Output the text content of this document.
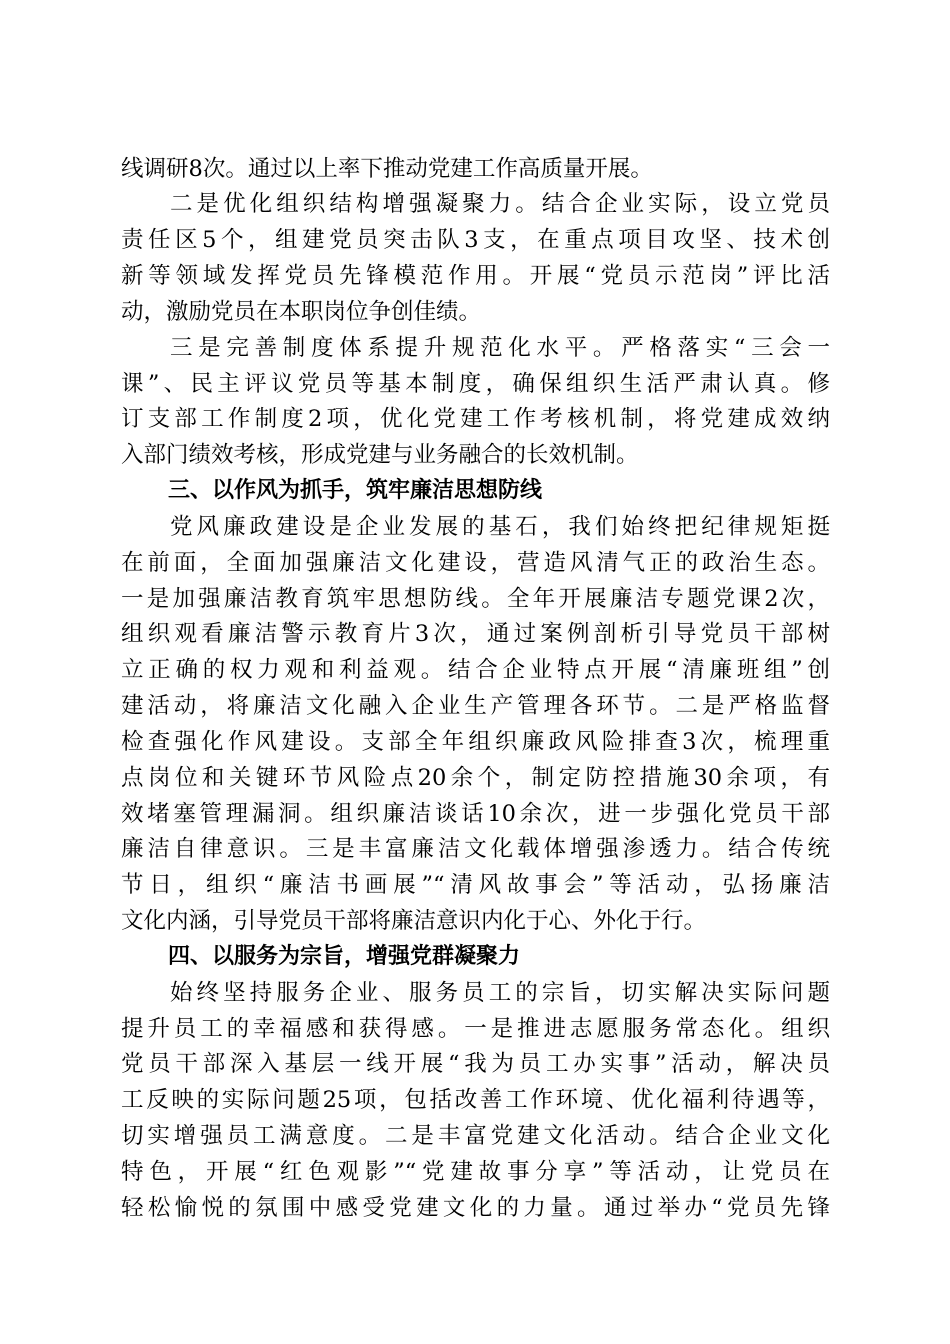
线调研8次。通过以上率下推动党建工作高质量开展。
二是优化组织结构增强凝聚力。结合企业实际，设立党员
责任区5个，组建党员突击队3支，在重点项目攻坚、技术创
新等领域发挥党员先锋模范作用。开展“党员示范岗”评比活
动，激励党员在本职岗位争创佳绩。
三是完善制度体系提升规范化水平。严格落实“三会一
课”、民主评议党员等基本制度，确保组织生活严肃认真。修
订支部工作制度2项，优化党建工作考核机制，将党建成效纳
入部门绩效考核，形成党建与业务融合的长效机制。
三、以作风为抓手，筑牢廉洁思想防线
党风廉政建设是企业发展的基石，我们始终把纪律规矩挺
在前面，全面加强廉洁文化建设，营造风清气正的政治生态。
一是加强廉洁教育筑牢思想防线。全年开展廉洁专题党课2次，
组织观看廉洁警示教育片3次，通过案例剖析引导党员干部树
立正确的权力观和利益观。结合企业特点开展“清廉班组”创
建活动，将廉洁文化融入企业生产管理各环节。二是严格监督
检查强化作风建设。支部全年组织廉政风险排查3次，梳理重
点岗位和关键环节风险点20余个，制定防控措施30余项，有
效堵塞管理漏洞。组织廉洁谈话10余次，进一步强化党员干部
廉洁自律意识。三是丰富廉洁文化载体增强渗透力。结合传统
节日，组织“廉洁书画展”“清风故事会”等活动，弘扬廉洁
文化内涵，引导党员干部将廉洁意识内化于心、外化于行。
四、以服务为宗旨，增强党群凝聚力
始终坚持服务企业、服务员工的宗旨，切实解决实际问题
提升员工的幸福感和获得感。一是推进志愿服务常态化。组织
党员干部深入基层一线开展“我为员工办实事”活动，解决员
工反映的实际问题25项，包括改善工作环境、优化福利待遇等，
切实增强员工满意度。二是丰富党建文化活动。结合企业文化
特色，开展“红色观影”“党建故事分享”等活动，让党员在
轻松愉悦的氛围中感受党建文化的力量。通过举办“党员先锋
